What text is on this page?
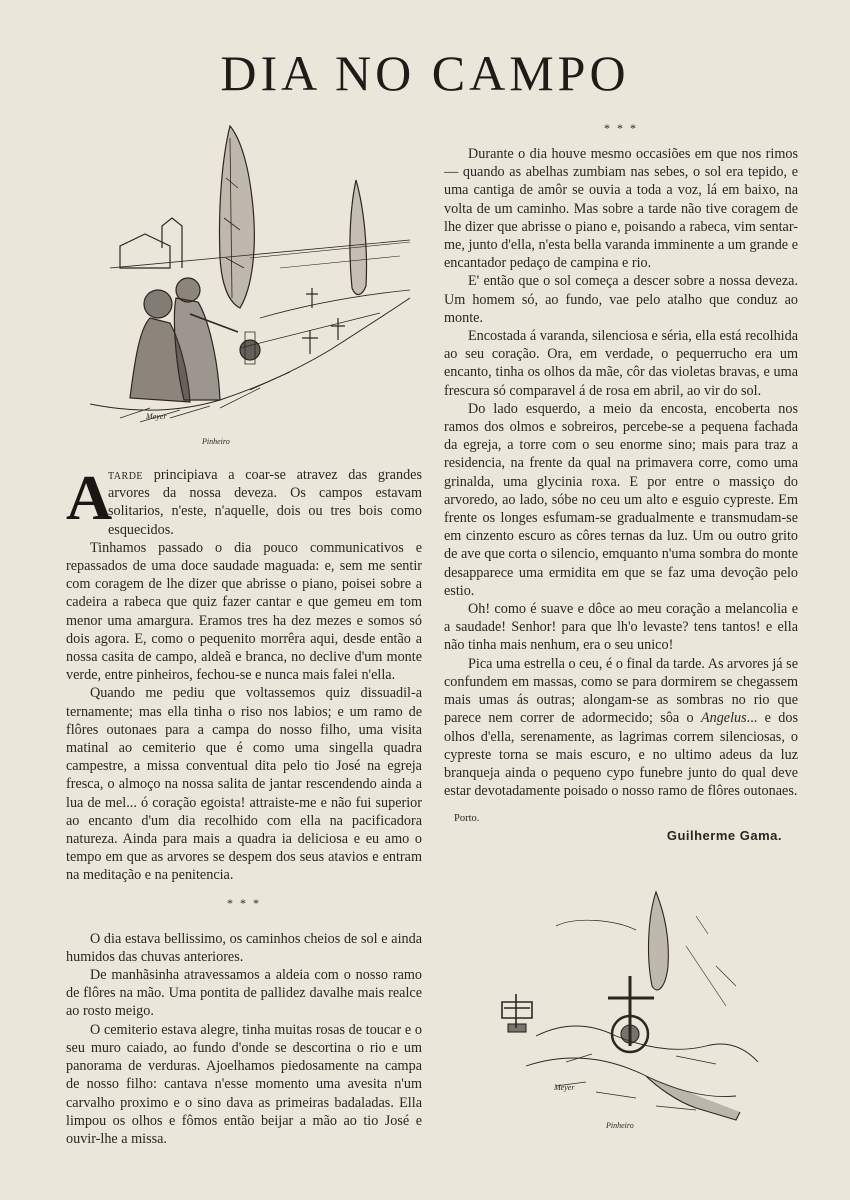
DIA NO CAMPO
Meyer
Pinheiro

A
tarde principiava a coar-se atravez das grandes arvores da nossa deveza. Os campos estavam solitarios, n'este, n'aquelle, dois ou tres bois como esquecidos.

Tinhamos passado o dia pouco communicativos e repassados de uma doce saudade maguada: e, sem me sentir com coragem de lhe dizer que abrisse o piano, poisei sobre a cadeira a rabeca que quiz fazer cantar e que gemeu em tom menor uma amargura. Eramos tres ha dez mezes e somos só dois agora. E, como o pequenito morrêra aqui, desde então a nossa casita de campo, aldeã e branca, no declive d'um monte verde, entre pinheiros, fechou-se e nunca mais falei n'ella.

Quando me pediu que voltassemos quiz dissuadil-a ternamente; mas ella tinha o riso nos labios; e um ramo de flôres outonaes para a campa do nosso filho, uma visita matinal ao cemiterio que é como uma singella quadra campestre, a missa conventual dita pelo tio José na egreja fresca, o almoço na nossa salita de jantar rescendendo ainda a lua de mel... ó coração egoista! attraiste-me e não fui superior ao encanto d'um dia recolhido com ella na pacificadora natureza. Ainda para mais a quadra ia deliciosa e eu amo o tempo em que as arvores se despem dos seus atavios e entram na meditação e na penitencia.

* * *

O dia estava bellissimo, os caminhos cheios de sol e ainda humidos das chuvas anteriores.

De manhãsinha atravessamos a aldeia com o nosso ramo de flôres na mão. Uma pontita de pallidez davalhe mais realce ao rosto meigo.

O cemiterio estava alegre, tinha muitas rosas de toucar e o seu muro caiado, ao fundo d'onde se descortina o rio e um panorama de verduras. Ajoelhamos piedosamente na campa de nosso filho: cantava n'esse momento uma avesita n'um carvalho proximo e o sino dava as primeiras badaladas. Ella limpou os olhos e fômos então beijar a mão ao tio José e ouvir-lhe a missa.

* * *

Durante o dia houve mesmo occasiões em que nos rimos — quando as abelhas zumbiam nas sebes, o sol era tepido, e uma cantiga de amôr se ouvia a toda a voz, lá em baixo, na volta de um caminho. Mas sobre a tarde não tive coragem de lhe dizer que abrisse o piano e, poisando a rabeca, vim sentar-me, junto d'ella, n'esta bella varanda imminente a um grande e encantador pedaço de campina e rio.

E' então que o sol começa a descer sobre a nossa deveza. Um homem só, ao fundo, vae pelo atalho que conduz ao monte.

Encostada á varanda, silenciosa e séria, ella está recolhida ao seu coração. Ora, em verdade, o pequerrucho era um encanto, tinha os olhos da mãe, côr das violetas bravas, e uma frescura só comparavel á de rosa em abril, ao vir do sol.

Do lado esquerdo, a meio da encosta, encoberta nos ramos dos olmos e sobreiros, percebe-se a pequena fachada da egreja, a torre com o seu enorme sino; mais para traz a residencia, na frente da qual na primavera corre, como uma grinalda, uma glycinia roxa. E por entre o massiço do arvoredo, ao lado, sóbe no ceu um alto e esguio cypreste. Em frente os longes esfumam-se gradualmente e transmudam-se em cinzento escuro as côres ternas da luz. Um ou outro grito de ave que corta o silencio, emquanto n'uma sombra do monte desapparece uma ermidita em que se faz uma devoção pelo estio.

Oh! como é suave e dôce ao meu coração a melancolia e a saudade! Senhor! para que lh'o levaste? tens tantos! e ella não tinha mais nenhum, era o seu unico!

Pica uma estrella o ceu, é o final da tarde. As arvores já se confundem em massas, como se para dormirem se chegassem mais umas ás outras; alongam-se as sombras no rio que parece nem correr de adormecido; sôa o Angelus... e dos olhos d'ella, serenamente, as lagrimas correm silenciosas, o cypreste torna se mais escuro, e no ultimo adeus da luz branqueja ainda o pequeno cypo funebre junto do qual deve estar devotadamente poisado o nosso ramo de flôres outonaes.

Porto.
Guilherme Gama.
Meyer
Pinheiro
